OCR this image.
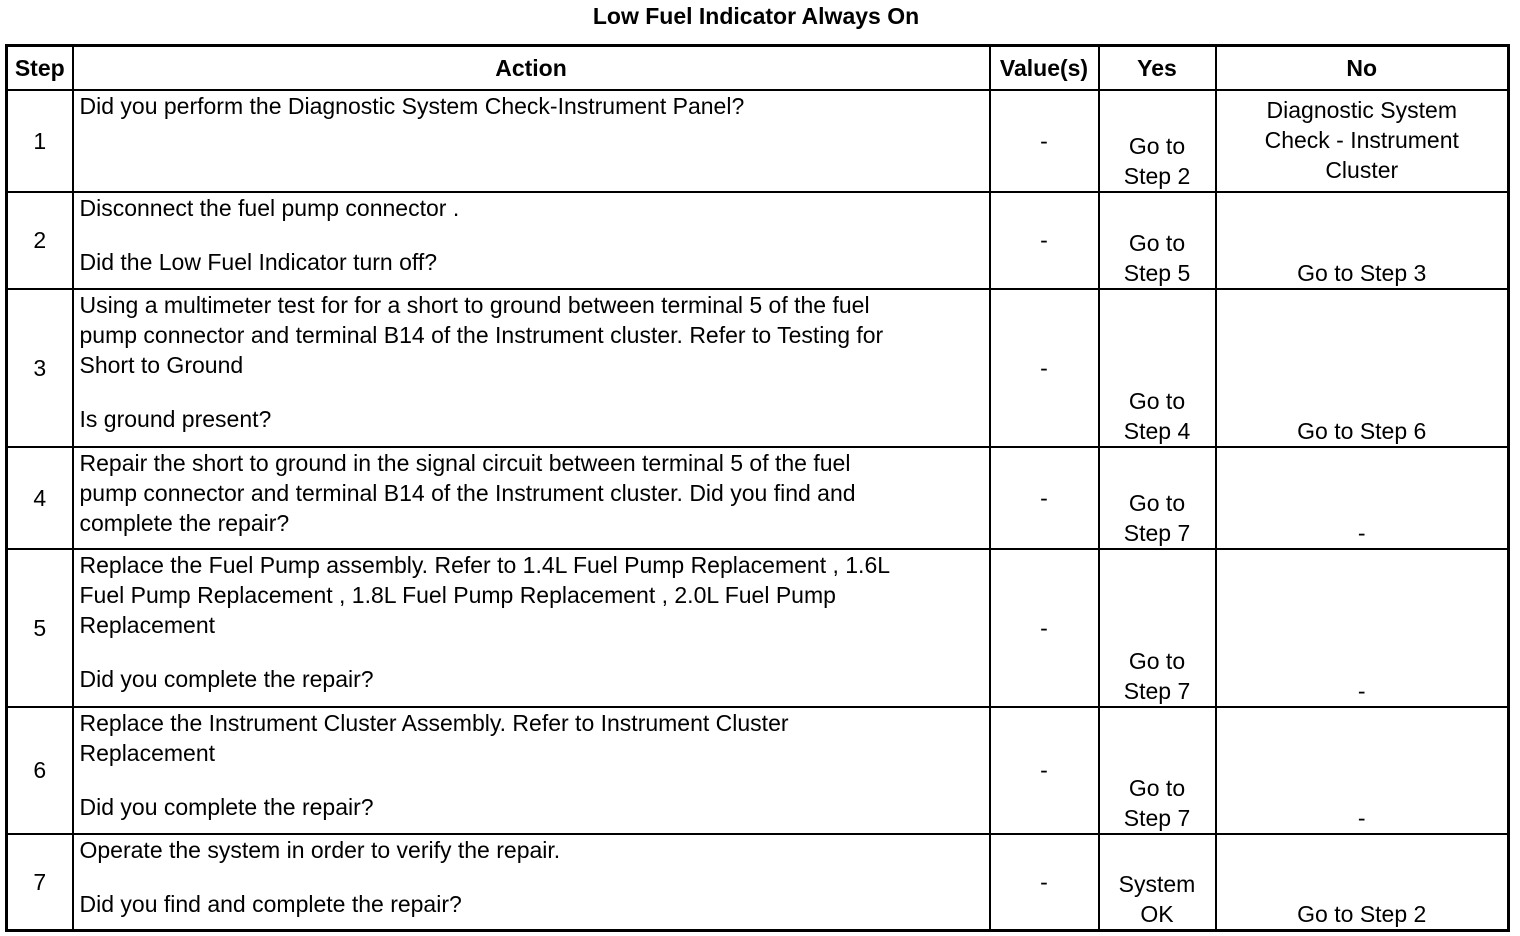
Low Fuel Indicator Always On
Step	Action	Value(s)	Yes	No
1	Did you perform the Diagnostic System Check-Instrument Panel?	-	Go to
Step 2	Diagnostic System
Check - Instrument
Cluster

2	Disconnect the fuel pump connector .
Did the Low Fuel Indicator turn off?	-	Go to
Step 5	Go to Step 3

3	Using a multimeter test for for a short to ground between terminal 5 of the fuel
pump connector and terminal B14 of the Instrument cluster. Refer to Testing for
Short to Ground
Is ground present?	-	Go to
Step 4	Go to Step 6

4	Repair the short to ground in the signal circuit between terminal 5 of the fuel
pump connector and terminal B14 of the Instrument cluster. Did you find and
complete the repair?	-	Go to
Step 7	-

5	Replace the Fuel Pump assembly. Refer to 1.4L Fuel Pump Replacement , 1.6L
Fuel Pump Replacement , 1.8L Fuel Pump Replacement , 2.0L Fuel Pump
Replacement
Did you complete the repair?	-	Go to
Step 7	-

6	Replace the Instrument Cluster Assembly. Refer to Instrument Cluster
Replacement
Did you complete the repair?	-	Go to
Step 7	-

7	Operate the system in order to verify the repair.
Did you find and complete the repair?	-	System
OK	Go to Step 2
